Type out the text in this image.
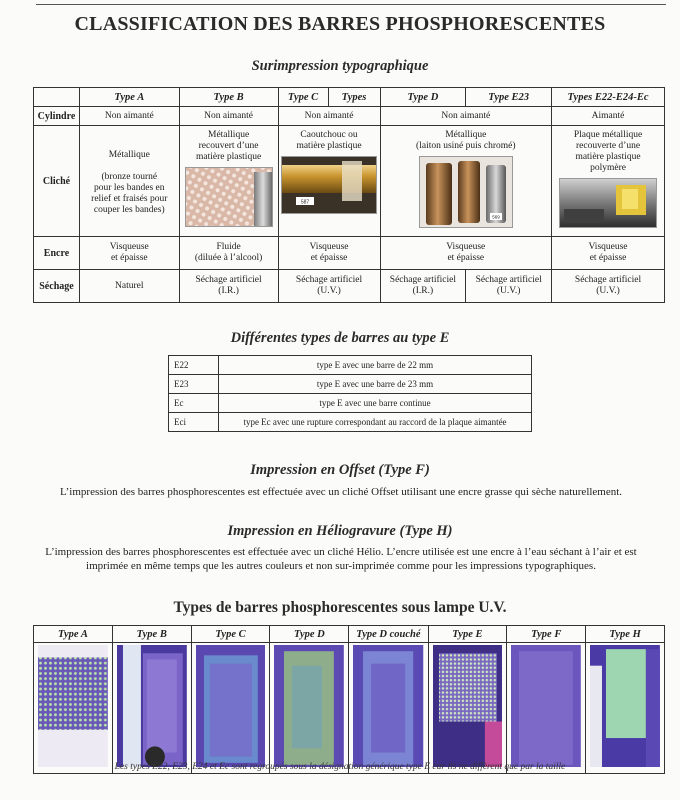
CLASSIFICATION DES BARRES PHOSPHORESCENTES
Surimpression typographique
	Type A	Type B	Type C	Types	Type D	Type E23	Types E22-E24-Ec
Cylindre	Non aimanté	Non aimanté	Non aimanté		Non aimanté		Aimanté
Cliché	Métallique

(bronze tourné
pour les bandes en
relief et fraisés pour
couper les bandes)	Métallique
recouvert d’une
matière plastique	Caoutchouc ou
matière plastique
587		Métallique
(laiton usiné puis chromé)
569		Plaque métallique
recouverte d’une
matière plastique
polymère

Encre	Visqueuse
et épaisse	Fluide
(diluée à l’alcool)	Visqueuse
et épaisse		Visqueuse
et épaisse		Visqueuse
et épaisse
Séchage	Naturel	Séchage artificiel
(I.R.)	Séchage artificiel
(U.V.)		Séchage artificiel
(I.R.)	Séchage artificiel
(U.V.)	Séchage artificiel
(U.V.)
Différentes types de barres au type E
E22	type E avec une barre de 22 mm
E23	type E avec une barre de 23 mm
Ec	type E avec une barre continue
Eci	type Ec avec une rupture correspondant au raccord de la plaque aimantée
Impression en Offset (Type F)
L’impression des barres phosphorescentes est effectuée avec un cliché Offset utilisant une encre grasse qui sèche naturellement.
Impression en Héliogravure (Type H)
L’impression des barres phosphorescentes est effectuée avec un cliché Hélio. L’encre utilisée est une encre à l’eau séchant à l’air et est imprimée en même temps que les autres couleurs et non sur-imprimée comme pour les impressions typographiques.
Types de barres phosphorescentes sous lampe U.V.
Type A	Type B	Type C	Type D	Type D couché	Type E	Type F	Type H

Les types E22, E23, E24 et Ec sont regroupés sous la désignation générique type E car ils ne diffèrent que par la taille
